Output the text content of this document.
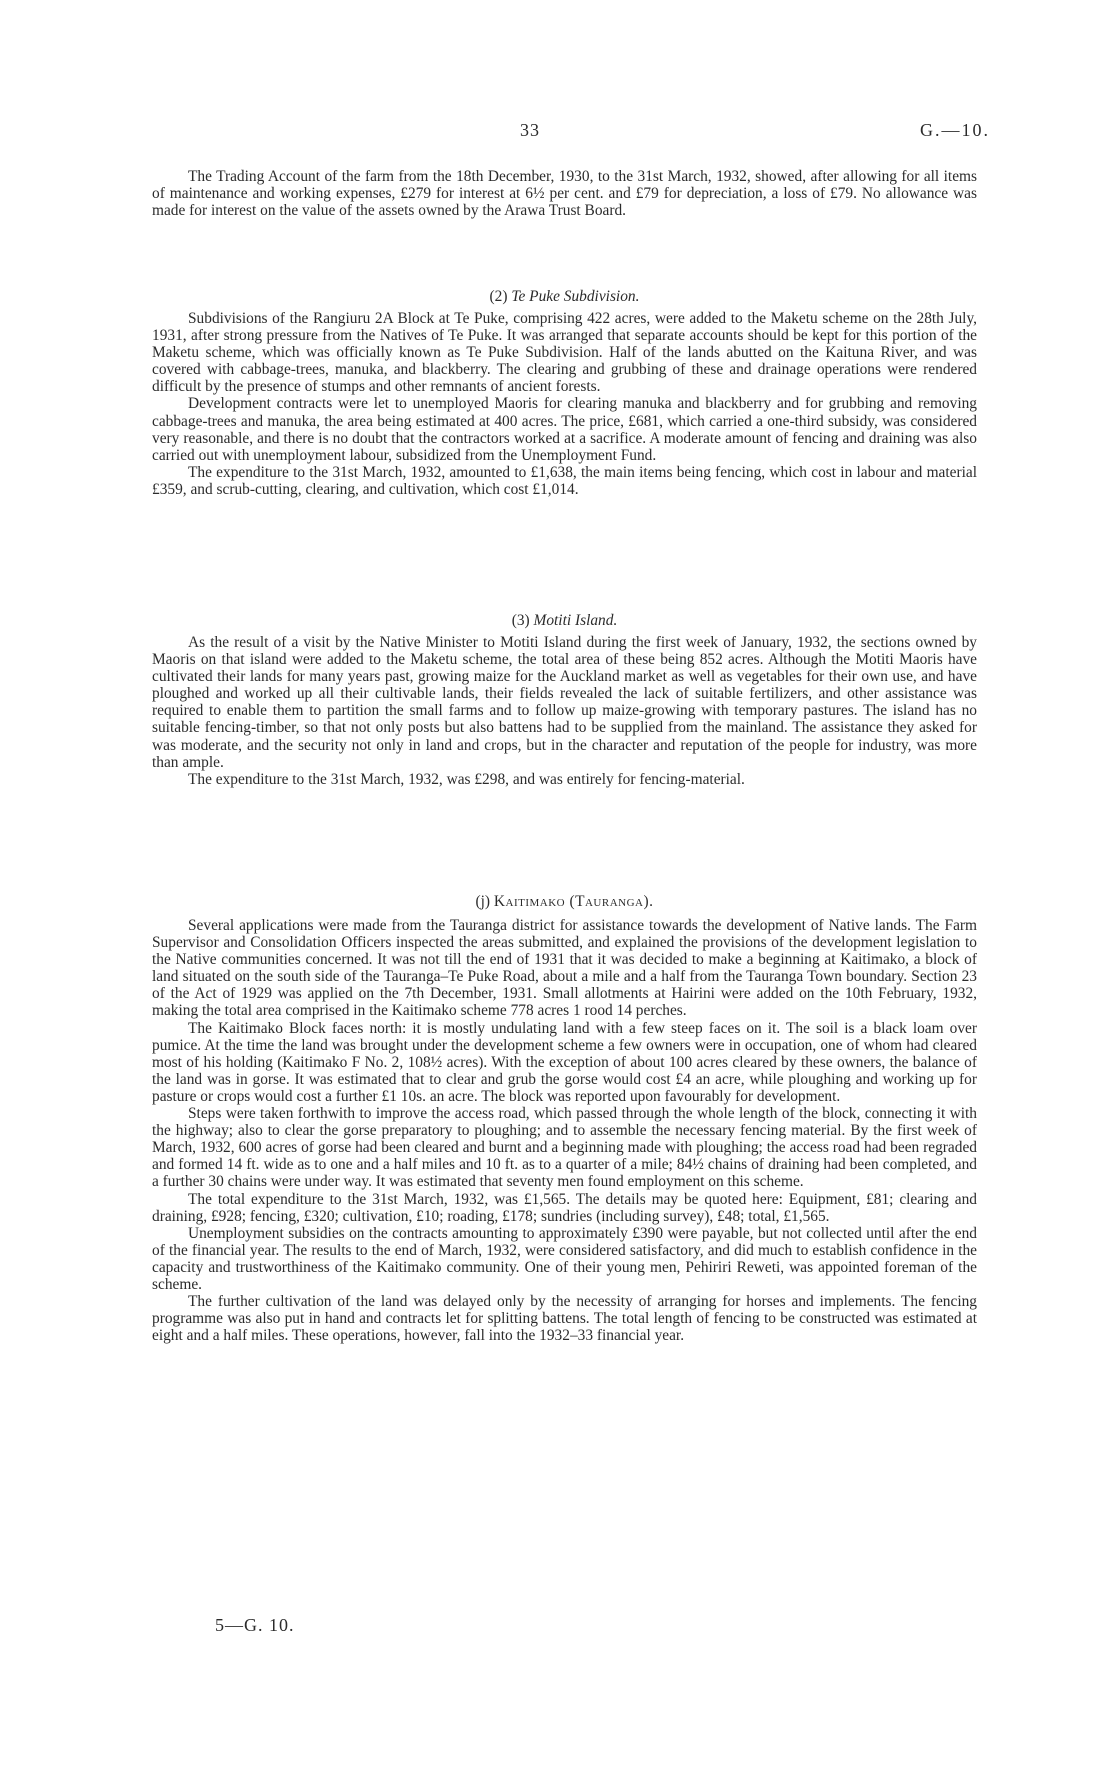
33	G.—10.

The Trading Account of the farm from the 18th December, 1930, to the 31st March, 1932, showed, after allowing for all items of maintenance and working expenses, £279 for interest at 6½ per cent. and £79 for depreciation, a loss of £79. No allowance was made for interest on the value of the assets owned by the Arawa Trust Board.

(2) Te Puke Subdivision.

Subdivisions of the Rangiuru 2A Block at Te Puke, comprising 422 acres, were added to the Maketu scheme on the 28th July, 1931, after strong pressure from the Natives of Te Puke. It was arranged that separate accounts should be kept for this portion of the Maketu scheme, which was officially known as Te Puke Subdivision. Half of the lands abutted on the Kaituna River, and was covered with cabbage-trees, manuka, and blackberry. The clearing and grubbing of these and drainage operations were rendered difficult by the presence of stumps and other remnants of ancient forests.

Development contracts were let to unemployed Maoris for clearing manuka and blackberry and for grubbing and removing cabbage-trees and manuka, the area being estimated at 400 acres. The price, £681, which carried a one-third subsidy, was considered very reasonable, and there is no doubt that the contractors worked at a sacrifice. A moderate amount of fencing and draining was also carried out with unemployment labour, subsidized from the Unemployment Fund.

The expenditure to the 31st March, 1932, amounted to £1,638, the main items being fencing, which cost in labour and material £359, and scrub-cutting, clearing, and cultivation, which cost £1,014.

(3) Motiti Island.

As the result of a visit by the Native Minister to Motiti Island during the first week of January, 1932, the sections owned by Maoris on that island were added to the Maketu scheme, the total area of these being 852 acres. Although the Motiti Maoris have cultivated their lands for many years past, growing maize for the Auckland market as well as vegetables for their own use, and have ploughed and worked up all their cultivable lands, their fields revealed the lack of suitable fertilizers, and other assistance was required to enable them to partition the small farms and to follow up maize-growing with temporary pastures. The island has no suitable fencing-timber, so that not only posts but also battens had to be supplied from the mainland. The assistance they asked for was moderate, and the security not only in land and crops, but in the character and reputation of the people for industry, was more than ample.

The expenditure to the 31st March, 1932, was £298, and was entirely for fencing-material.

(j) Kaitimako (Tauranga).

Several applications were made from the Tauranga district for assistance towards the development of Native lands. The Farm Supervisor and Consolidation Officers inspected the areas submitted, and explained the provisions of the development legislation to the Native communities concerned. It was not till the end of 1931 that it was decided to make a beginning at Kaitimako, a block of land situated on the south side of the Tauranga–Te Puke Road, about a mile and a half from the Tauranga Town boundary. Section 23 of the Act of 1929 was applied on the 7th December, 1931. Small allotments at Hairini were added on the 10th February, 1932, making the total area comprised in the Kaitimako scheme 778 acres 1 rood 14 perches.

The Kaitimako Block faces north: it is mostly undulating land with a few steep faces on it. The soil is a black loam over pumice. At the time the land was brought under the development scheme a few owners were in occupation, one of whom had cleared most of his holding (Kaitimako F No. 2, 108½ acres). With the exception of about 100 acres cleared by these owners, the balance of the land was in gorse. It was estimated that to clear and grub the gorse would cost £4 an acre, while ploughing and working up for pasture or crops would cost a further £1 10s. an acre. The block was reported upon favourably for development.

Steps were taken forthwith to improve the access road, which passed through the whole length of the block, connecting it with the highway; also to clear the gorse preparatory to ploughing; and to assemble the necessary fencing material. By the first week of March, 1932, 600 acres of gorse had been cleared and burnt and a beginning made with ploughing; the access road had been regraded and formed 14 ft. wide as to one and a half miles and 10 ft. as to a quarter of a mile; 84½ chains of draining had been completed, and a further 30 chains were under way. It was estimated that seventy men found employment on this scheme.

The total expenditure to the 31st March, 1932, was £1,565. The details may be quoted here: Equipment, £81; clearing and draining, £928; fencing, £320; cultivation, £10; roading, £178; sundries (including survey), £48; total, £1,565.

Unemployment subsidies on the contracts amounting to approximately £390 were payable, but not collected until after the end of the financial year. The results to the end of March, 1932, were considered satisfactory, and did much to establish confidence in the capacity and trustworthiness of the Kaitimako community. One of their young men, Pehiriri Reweti, was appointed foreman of the scheme.

The further cultivation of the land was delayed only by the necessity of arranging for horses and implements. The fencing programme was also put in hand and contracts let for splitting battens. The total length of fencing to be constructed was estimated at eight and a half miles. These operations, however, fall into the 1932–33 financial year.

5—G. 10.
